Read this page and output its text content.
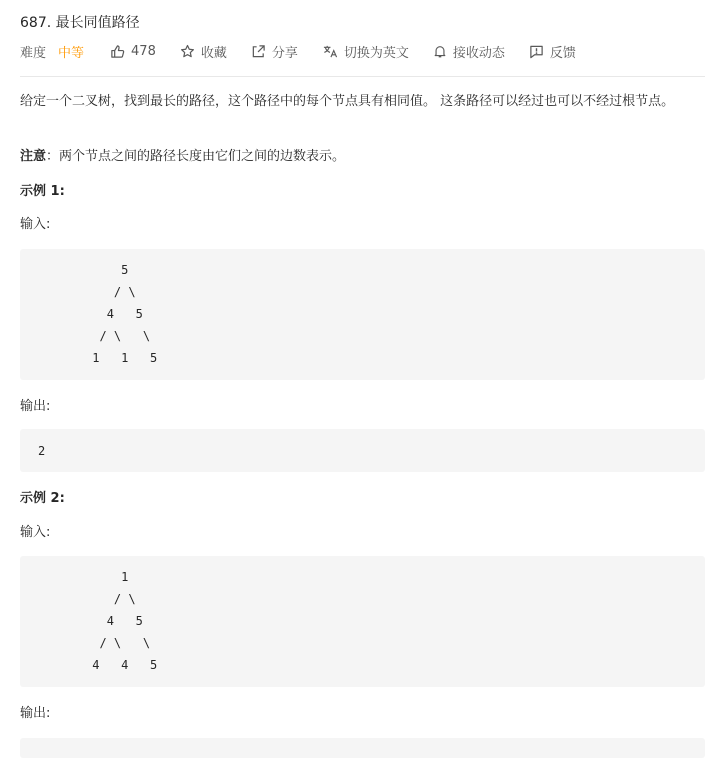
687. 最长同值路径
难度 中等	478	收藏	分享	切换为英文	接收动态	反馈
给定一个二叉树，找到最长的路径，这个路径中的每个节点具有相同值。 这条路径可以经过也可以不经过根节点。
注意：两个节点之间的路径长度由它们之间的边数表示。
示例 1:
输入:
5
/ \
4   5
/ \   \
1   1   5
输出:
2
示例 2:
输入:
1
/ \
4   5
/ \   \
4   4   5
输出:
